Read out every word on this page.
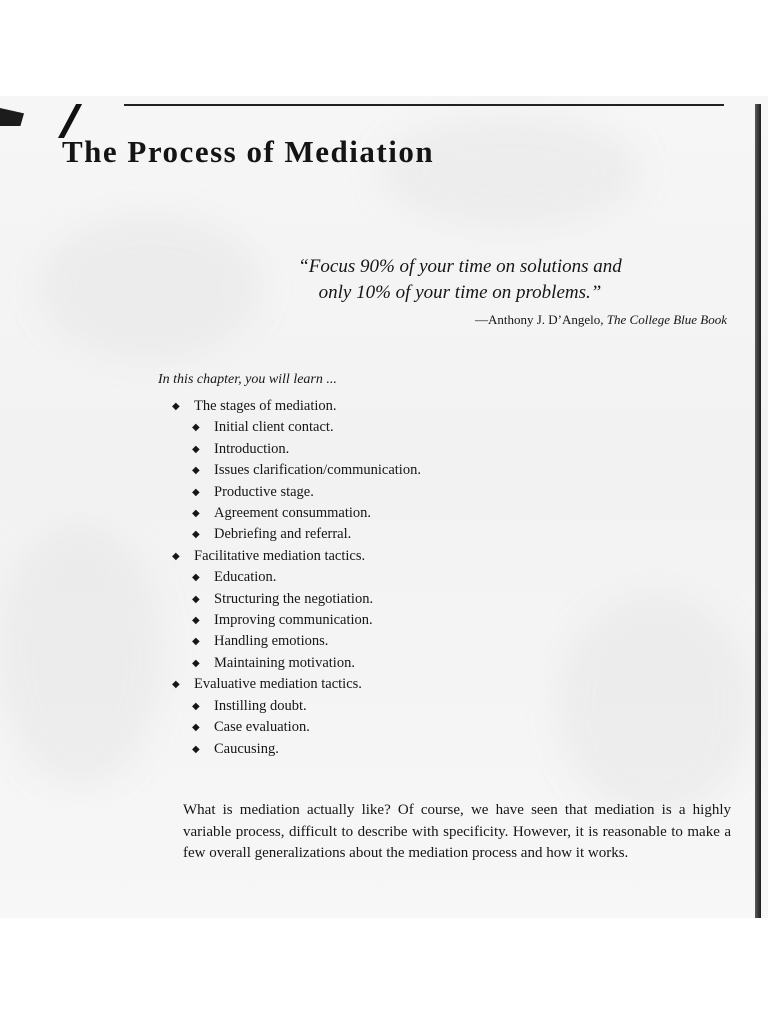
The Process of Mediation
“Focus 90% of your time on solutions and
only 10% of your time on problems.”
—Anthony J. D’Angelo, The College Blue Book

In this chapter, you will learn ...

◆ The stages of mediation.
◆ Initial client contact.
◆ Introduction.
◆ Issues clarification/communication.
◆ Productive stage.
◆ Agreement consummation.
◆ Debriefing and referral.
◆ Facilitative mediation tactics.
◆ Education.
◆ Structuring the negotiation.
◆ Improving communication.
◆ Handling emotions.
◆ Maintaining motivation.
◆ Evaluative mediation tactics.
◆ Instilling doubt.
◆ Case evaluation.
◆ Caucusing.

What is mediation actually like? Of course, we have seen that mediation is a highly variable process, difficult to describe with specificity. However, it is reasonable to make a few overall generalizations about the mediation process and how it works.
